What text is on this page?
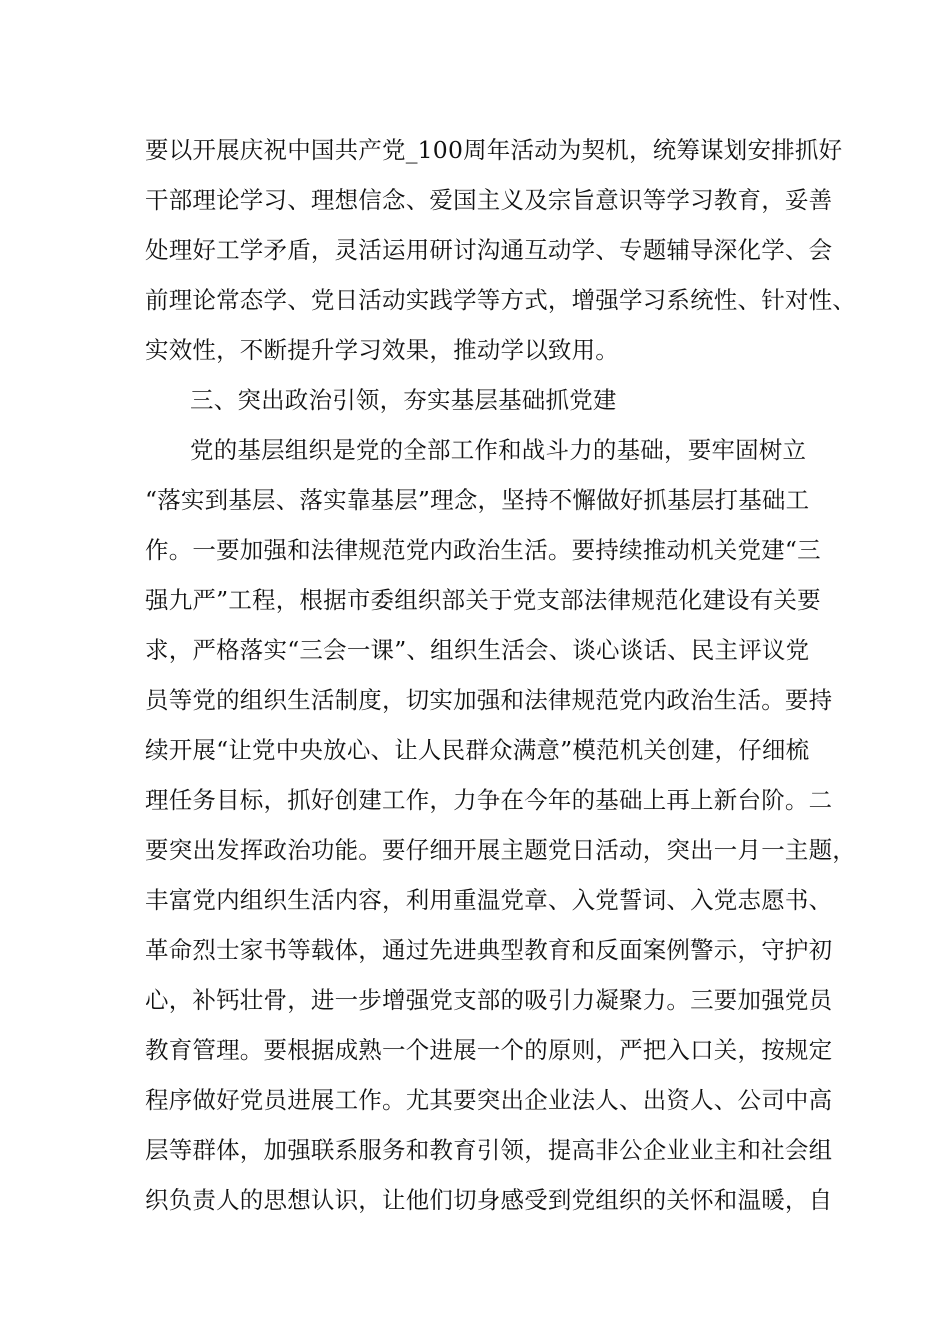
要以开展庆祝中国共产党_100周年活动为契机，统筹谋划安排抓好
干部理论学习、理想信念、爱国主义及宗旨意识等学习教育，妥善
处理好工学矛盾，灵活运用研讨沟通互动学、专题辅导深化学、会
前理论常态学、党日活动实践学等方式，增强学习系统性、针对性、
实效性，不断提升学习效果，推动学以致用。
三、突出政治引领，夯实基层基础抓党建
党的基层组织是党的全部工作和战斗力的基础，要牢固树立
“落实到基层、落实靠基层”理念，坚持不懈做好抓基层打基础工
作。一要加强和法律规范党内政治生活。要持续推动机关党建“三
强九严”工程，根据市委组织部关于党支部法律规范化建设有关要
求，严格落实“三会一课”、组织生活会、谈心谈话、民主评议党
员等党的组织生活制度，切实加强和法律规范党内政治生活。要持
续开展“让党中央放心、让人民群众满意”模范机关创建，仔细梳
理任务目标，抓好创建工作，力争在今年的基础上再上新台阶。二
要突出发挥政治功能。要仔细开展主题党日活动，突出一月一主题，
丰富党内组织生活内容，利用重温党章、入党誓词、入党志愿书、
革命烈士家书等载体，通过先进典型教育和反面案例警示，守护初
心，补钙壮骨，进一步增强党支部的吸引力凝聚力。三要加强党员
教育管理。要根据成熟一个进展一个的原则，严把入口关，按规定
程序做好党员进展工作。尤其要突出企业法人、出资人、公司中高
层等群体，加强联系服务和教育引领，提高非公企业业主和社会组
织负责人的思想认识，让他们切身感受到党组织的关怀和温暖，自
